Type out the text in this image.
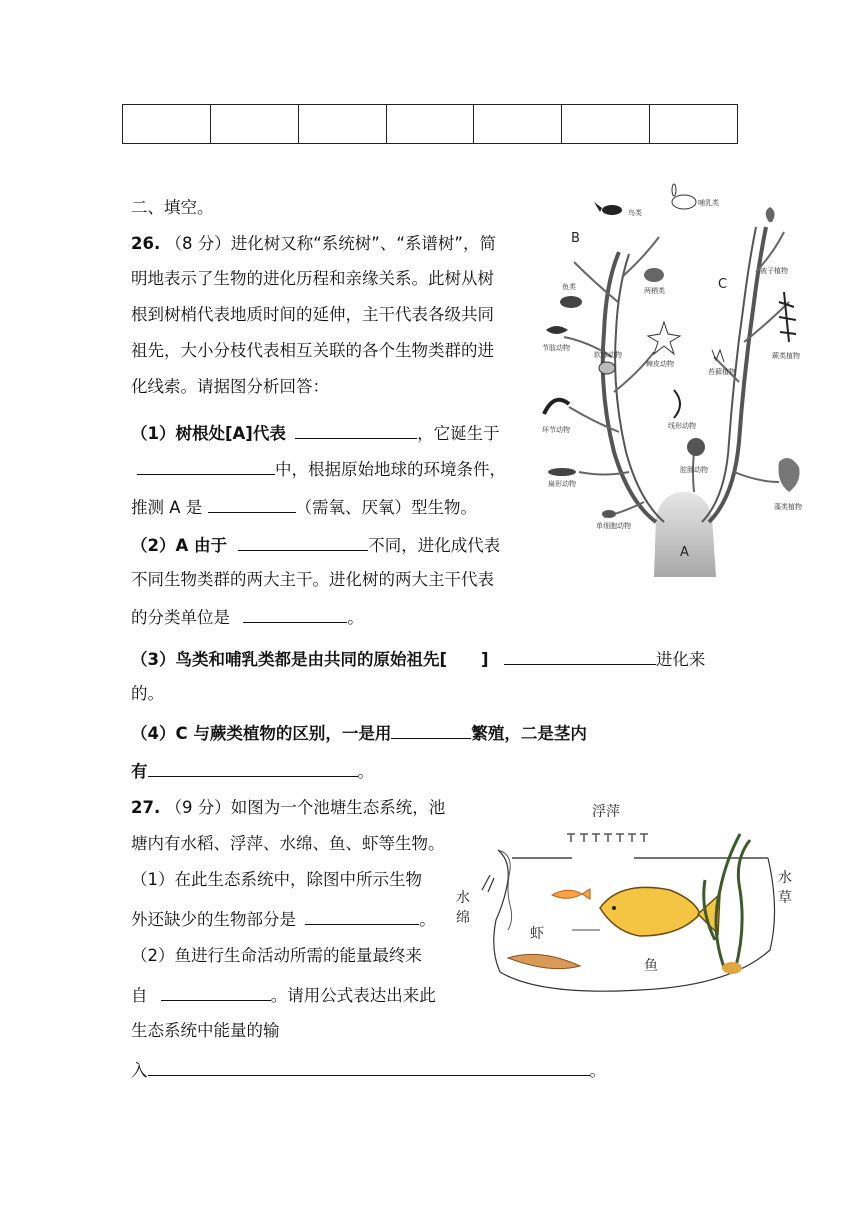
二、填空。
26. （8 分）进化树又称“系统树”、“系谱树”，简
明地表示了生物的进化历程和亲缘关系。此树从树
根到树梢代表地质时间的延伸，主干代表各级共同
祖先，大小分枝代表相互关联的各个生物类群的进
化线索。请据图分析回答：
（1）树根处[A]代表	，它诞生于
中，根据原始地球的环境条件，
推测 A 是	（需氧、厌氧）型生物。
（2）A 由于	不同，进化成代表
不同生物类群的两大主干。进化树的两大主干代表
的分类单位是	。
（3）鸟类和哺乳类都是由共同的原始祖先[ ]	进化来
的。
（4）C 与蕨类植物的区别，一是用	繁殖，二是茎内
有	。
A
B
C
鸟类
哺乳类
鱼类	两栖类
节肢动物
软体动物
棘皮动物
苔藓植物
蕨类植物
被子植物
环节动物	线形动物
扁形动物
腔肠动物
单细胞动物
藻类植物
27. （9 分）如图为一个池塘生态系统，池
塘内有水稻、浮萍、水绵、鱼、虾等生物。
（1）在此生态系统中，除图中所示生物
外还缺少的生物部分是	。
（2）鱼进行生命活动所需的能量最终来
自	。请用公式表达出来此
生态系统中能量的输
入	。
浮萍
水
绵
虾
鱼
水
草
